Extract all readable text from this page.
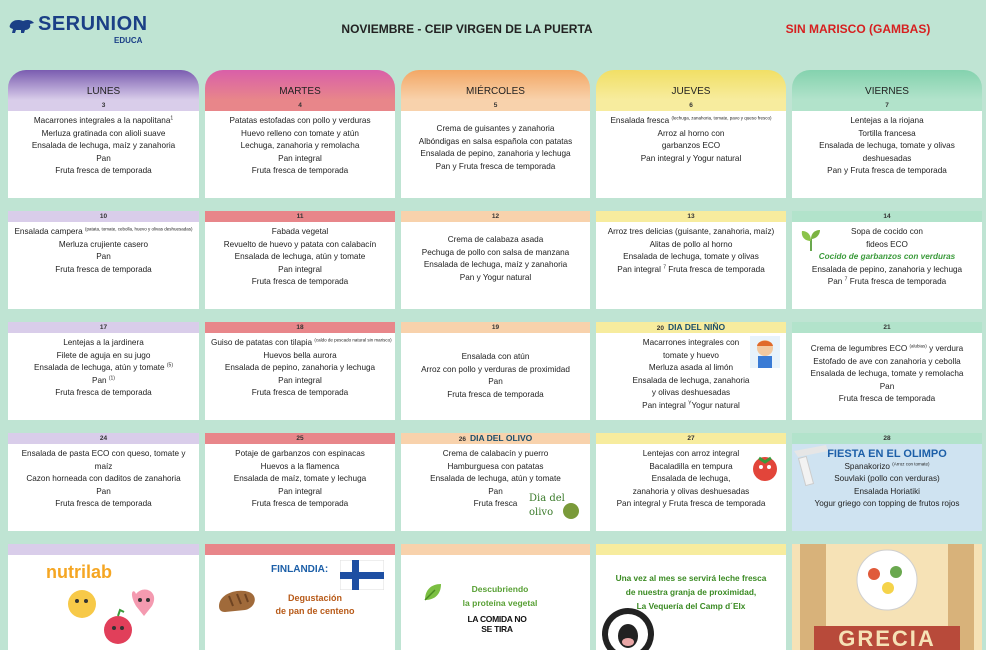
SERUNION
EDUCA
NOVIEMBRE - CEIP VIRGEN DE LA PUERTA	SIN MARISCO (GAMBAS)
LUNES	MARTES	MIÉRCOLES	JUEVES	VIERNES
3
Macarrones integrales a la napolitana$^1$
Merluza gratinada con alioli suave
Ensalada de lechuga, maíz y zanahoria
Pan
Fruta fresca de temporada
4
Patatas estofadas con pollo y verduras
Huevo relleno con tomate y atún
Lechuga, zanahoria y remolacha
Pan integral
Fruta fresca de temporada
5
Crema de guisantes y zanahoria
Albóndigas en salsa española con patatas
Ensalada de pepino, zanahoria y lechuga
Pan y Fruta fresca de temporada
6
Ensalada fresca $^{(lechuga, zanahoria, tomate, pavo y queso fresco)}$
Arroz al horno con
garbanzos ECO
Pan integral y Yogur natural
7
Lentejas a la riojana
Tortilla francesa
Ensalada de lechuga, tomate y olivas
deshuesadas
Pan y Fruta fresca de temporada
10
Ensalada campera $^{(patata, tomate, cebolla, huevo y olivas deshuesadas)}$
Merluza crujiente casero
Pan
Fruta fresca de temporada
11
Fabada vegetal
Revuelto de huevo y patata con calabacín
Ensalada de lechuga, atún y tomate
Pan integral
Fruta fresca de temporada
12
Crema de calabaza asada
Pechuga de pollo con salsa de manzana
Ensalada de lechuga, maíz y zanahoria
Pan y Yogur natural
13
Arroz tres delicias (guisante, zanahoria, maíz)
Alitas de pollo al horno
Ensalada de lechuga, tomate y olivas
Pan integral $^7$ Fruta fresca de temporada
14
Sopa de cocido con
fideos ECO
Cocido de garbanzos con verduras
Ensalada de pepino, zanahoria y lechuga
Pan $^7$ Fruta fresca de temporada
17
Lentejas a la jardinera
Filete de aguja en su jugo
Ensalada de lechuga, atún y tomate $^{(5)}$
Pan $^{(1)}$
Fruta fresca de temporada
18
Guiso de patatas con tilapia $^{(caldo de pescado natural sin marisco)}$
Huevos bella aurora
Ensalada de pepino, zanahoria y lechuga
Pan integral
Fruta fresca de temporada
19
Ensalada con atún
Arroz con pollo y verduras de proximidad
Pan
Fruta fresca de temporada
20 DIA DEL NIÑO
Macarrones integrales con
tomate y huevo
Merluza asada al limón
Ensalada de lechuga, zanahoria
y olivas deshuesadas
Pan integral $^Y$Yogur natural
21
Crema de legumbres ECO $^{(alubias)}$ y verdura
Estofado de ave con zanahoria y cebolla
Ensalada de lechuga, tomate y remolacha
Pan
Fruta fresca de temporada
24
Ensalada de pasta ECO con queso, tomate y maíz
Cazon horneada con daditos de zanahoria
Pan
Fruta fresca de temporada
25
Potaje de garbanzos con espinacas
Huevos a la flamenca
Ensalada de maíz, tomate y lechuga
Pan integral
Fruta fresca de temporada
26 DIA DEL OLIVO
Crema de calabacín y puerro
Hamburguesa con patatas
Ensalada de lechuga, atún y tomate
Pan
Fruta fresca	Dia del
olivo
27
Lentejas con arroz integral
Bacaladilla en tempura
Ensalada de lechuga,
zanahoria y olivas deshuesadas
Pan integral y Fruta fresca de temporada
28
FIESTA EN EL OLIMPO
Spanakorizo $^{(Arroz con tomate)}$
Souvlaki (pollo con verduras)
Ensalada Horiatiki
Yogur griego con topping de frutos rojos
nutrilab	FINLANDIA:
Degustación
de pan de centeno
Descubriendo
la proteína vegetal
LA COMIDA NO SE TIRA
Una vez al mes se servirá leche fresca
de nuestra granja de proximidad,
La Vequería del Camp d´Elx
GRECIA
